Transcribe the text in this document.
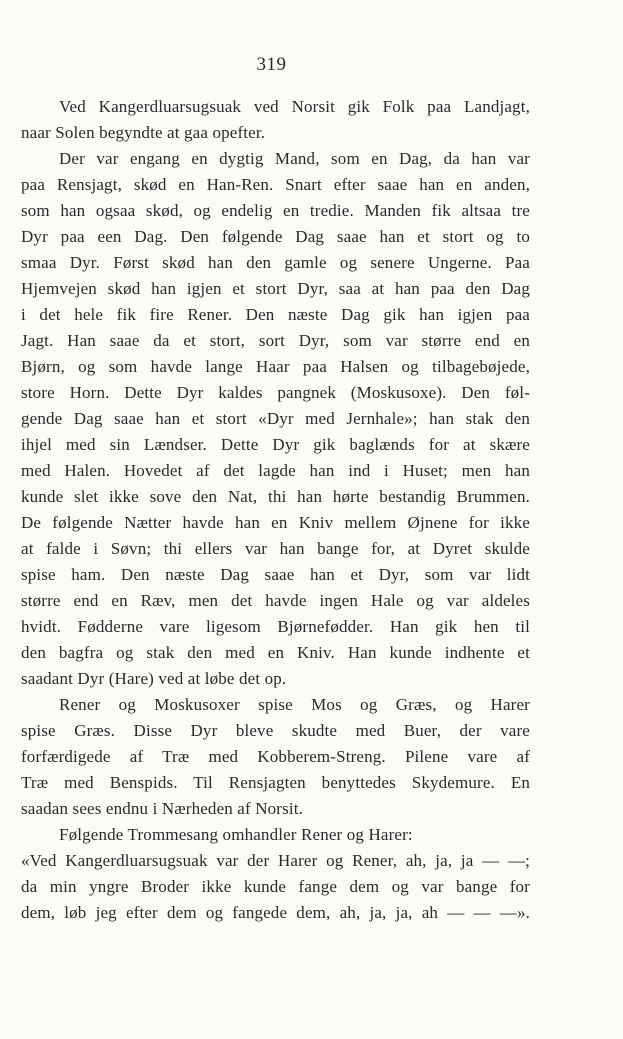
319
Ved Kangerdluarsugsuak ved Norsit gik Folk paa Landjagt,
naar Solen begyndte at gaa opefter.
Der var engang en dygtig Mand, som en Dag, da han var
paa Rensjagt, skød en Han-Ren. Snart efter saae han en anden,
som han ogsaa skød, og endelig en tredie. Manden fik altsaa tre
Dyr paa een Dag. Den følgende Dag saae han et stort og to
smaa Dyr. Først skød han den gamle og senere Ungerne. Paa
Hjemvejen skød han igjen et stort Dyr, saa at han paa den Dag
i det hele fik fire Rener. Den næste Dag gik han igjen paa
Jagt. Han saae da et stort, sort Dyr, som var større end en
Bjørn, og som havde lange Haar paa Halsen og tilbagebøjede,
store Horn. Dette Dyr kaldes pangnek (Moskusoxe). Den føl-
gende Dag saae han et stort «Dyr med Jernhale»; han stak den
ihjel med sin Lændser. Dette Dyr gik baglænds for at skære
med Halen. Hovedet af det lagde han ind i Huset; men han
kunde slet ikke sove den Nat, thi han hørte bestandig Brummen.
De følgende Nætter havde han en Kniv mellem Øjnene for ikke
at falde i Søvn; thi ellers var han bange for, at Dyret skulde
spise ham. Den næste Dag saae han et Dyr, som var lidt
større end en Ræv, men det havde ingen Hale og var aldeles
hvidt. Fødderne vare ligesom Bjørnefødder. Han gik hen til
den bagfra og stak den med en Kniv. Han kunde indhente et
saadant Dyr (Hare) ved at løbe det op.
Rener og Moskusoxer spise Mos og Græs, og Harer
spise Græs. Disse Dyr bleve skudte med Buer, der vare
forfærdigede af Træ med Kobberem-Streng. Pilene vare af
Træ med Benspids. Til Rensjagten benyttedes Skydemure. En
saadan sees endnu i Nærheden af Norsit.
Følgende Trommesang omhandler Rener og Harer:
«Ved Kangerdluarsugsuak var der Harer og Rener, ah, ja, ja — —;
da min yngre Broder ikke kunde fange dem og var bange for
dem, løb jeg efter dem og fangede dem, ah, ja, ja, ah — — —».
